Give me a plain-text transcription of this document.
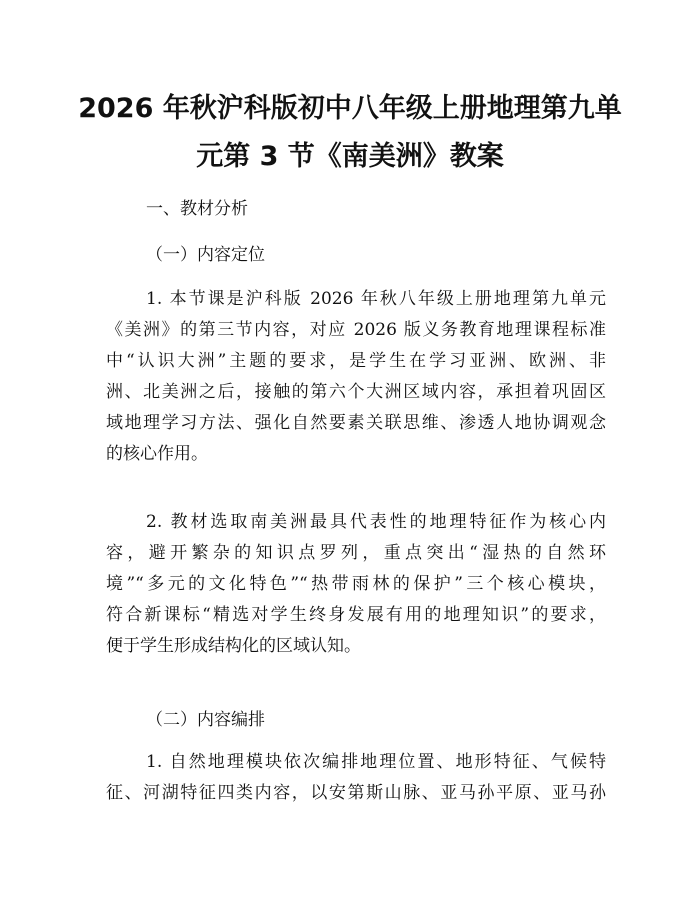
2026 年秋沪科版初中八年级上册地理第九单
元第 3 节《南美洲》教案
一、教材分析
（一）内容定位
1. 本节课是沪科版 2026 年秋八年级上册地理第九单元
《美洲》的第三节内容，对应 2026 版义务教育地理课程标准
中“认识大洲”主题的要求，是学生在学习亚洲、欧洲、非
洲、北美洲之后，接触的第六个大洲区域内容，承担着巩固区
域地理学习方法、强化自然要素关联思维、渗透人地协调观念
的核心作用。
2. 教材选取南美洲最具代表性的地理特征作为核心内
容，避开繁杂的知识点罗列，重点突出“湿热的自然环
境”“多元的文化特色”“热带雨林的保护”三个核心模块，
符合新课标“精选对学生终身发展有用的地理知识”的要求，
便于学生形成结构化的区域认知。
（二）内容编排
1. 自然地理模块依次编排地理位置、地形特征、气候特
征、河湖特征四类内容，以安第斯山脉、亚马孙平原、亚马孙
